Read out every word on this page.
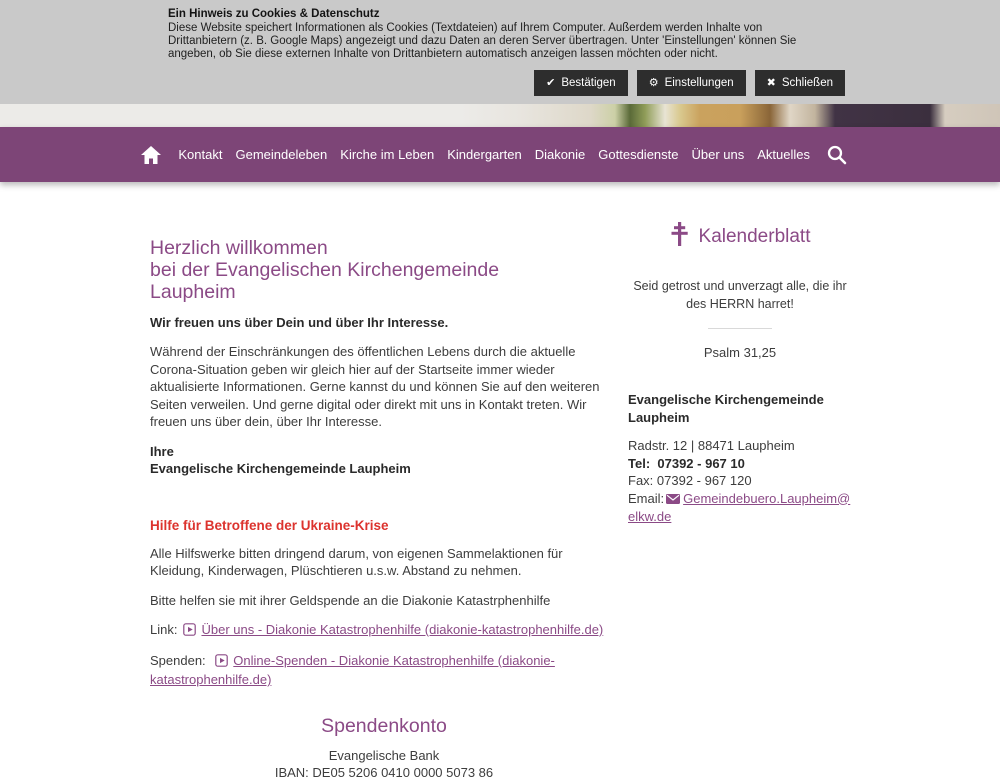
Kontakt Gemeindeleben Kirche im Leben Kindergarten Diakonie Gottesdienste Über uns Aktuelles

Ein Hinweis zu Cookies & Datenschutz

Diese Website speichert Informationen als Cookies (Textdateien) auf Ihrem Computer. Außerdem werden Inhalte von Drittanbietern (z. B. Google Maps) angezeigt und dazu Daten an deren Server übertragen. Unter 'Einstellungen' können Sie angeben, ob Sie diese externen Inhalte von Drittanbietern automatisch anzeigen lassen möchten oder nicht.

✔ Bestätigen	⚙ Einstellungen	✖ Schließen
Herzlich willkommen
bei der Evangelischen Kirchengemeinde Laupheim

Wir freuen uns über Dein und über Ihr Interesse.

Während der Einschränkungen des öffentlichen Lebens durch die aktuelle Corona-Situation geben wir gleich hier auf der Startseite immer wieder aktualisierte Informationen. Gerne kannst du und können Sie auf den weiteren Seiten verweilen. Und gerne digital oder direkt mit uns in Kontakt treten. Wir freuen uns über dein, über Ihr Interesse.

Ihre
Evangelische Kirchengemeinde Laupheim

Hilfe für Betroffene der Ukraine-Krise

Alle Hilfswerke bitten dringend darum, von eigenen Sammelaktionen für Kleidung, Kinderwagen, Plüschtieren u.s.w. Abstand zu nehmen.

Bitte helfen sie mit ihrer Geldspende an die Diakonie Katastrphenhilfe

Link: Über uns - Diakonie Katastrophenhilfe (diakonie-katastrophenhilfe.de)

Spenden: Online-Spenden - Diakonie Katastrophenhilfe (diakonie-katastrophenhilfe.de)

Spendenkonto

Evangelische Bank

IBAN: DE05 5206 0410 0000 5073 86

Kalenderblatt

Seid getrost und unverzagt alle, die ihr des HERRN harret!

Psalm 31,25

Evangelische Kirchengemeinde Laupheim

Radstr. 12 | 88471 Laupheim
Tel: 07392 - 967 10
Fax: 07392 - 967 120
Email: Gemeindebuero.Laupheim@elkw.de
